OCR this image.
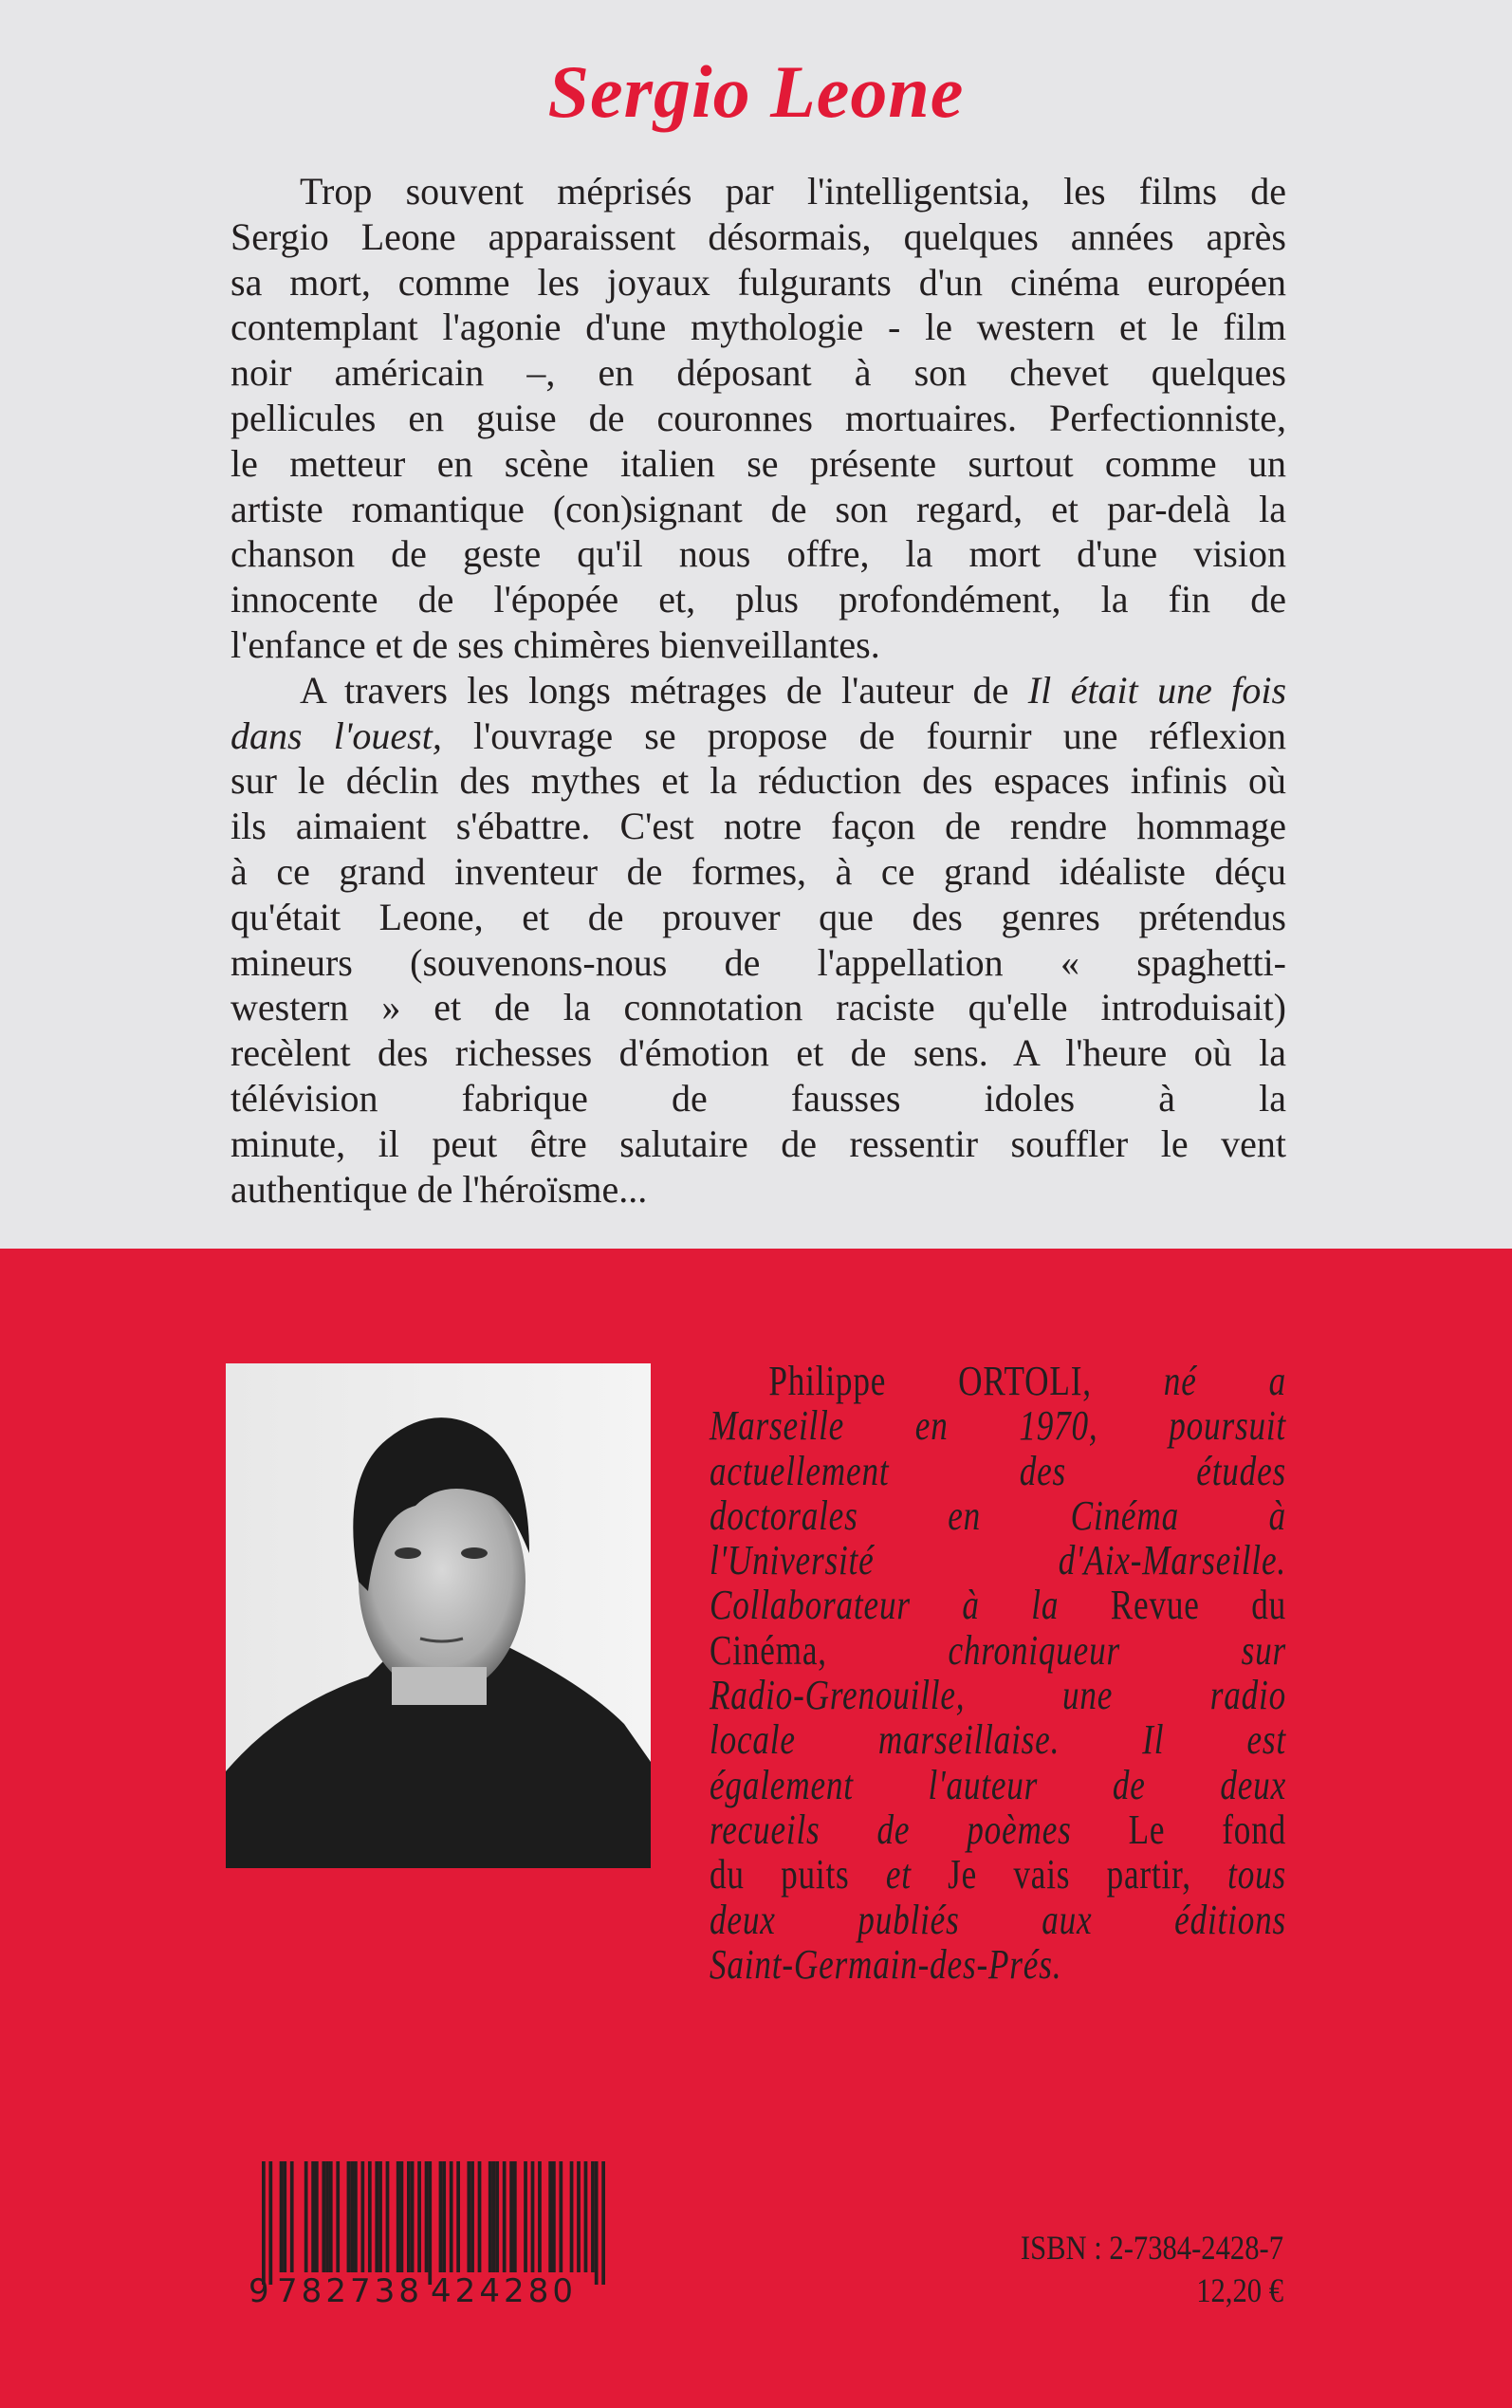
Sergio Leone
Trop souvent méprisés par l'intelligentsia, les films de
Sergio Leone apparaissent désormais, quelques années après
sa mort, comme les joyaux fulgurants d'un cinéma européen
contemplant l'agonie d'une mythologie - le western et le film
noir américain –, en déposant à son chevet quelques
pellicules en guise de couronnes mortuaires. Perfectionniste,
le metteur en scène italien se présente surtout comme un
artiste romantique (con)signant de son regard, et par-delà la
chanson de geste qu'il nous offre, la mort d'une vision
innocente de l'épopée et, plus profondément, la fin de
l'enfance et de ses chimères bienveillantes.
A travers les longs métrages de l'auteur de Il était une fois
dans l'ouest, l'ouvrage se propose de fournir une réflexion
sur le déclin des mythes et la réduction des espaces infinis où
ils aimaient s'ébattre. C'est notre façon de rendre hommage
à ce grand inventeur de formes, à ce grand idéaliste déçu
qu'était Leone, et de prouver que des genres prétendus
mineurs (souvenons-nous de l'appellation « spaghetti-
western » et de la connotation raciste qu'elle introduisait)
recèlent des richesses d'émotion et de sens. A l'heure où la
télévision fabrique de fausses idoles à la
minute, il peut être salutaire de ressentir souffler le vent
authentique de l'héroïsme...
Philippe ORTOLI, né a
Marseille en 1970, poursuit
actuellement des études
doctorales en Cinéma à
l'Université d'Aix-Marseille.
Collaborateur à la Revue du
Cinéma, chroniqueur sur
Radio-Grenouille, une radio
locale marseillaise. Il est
également l'auteur de deux
recueils de poèmes Le fond
du puits et Je vais partir, tous
deux publiés aux éditions
Saint-Germain-des-Prés.
9 782738 424280
ISBN : 2-7384-2428-7
12,20 €
